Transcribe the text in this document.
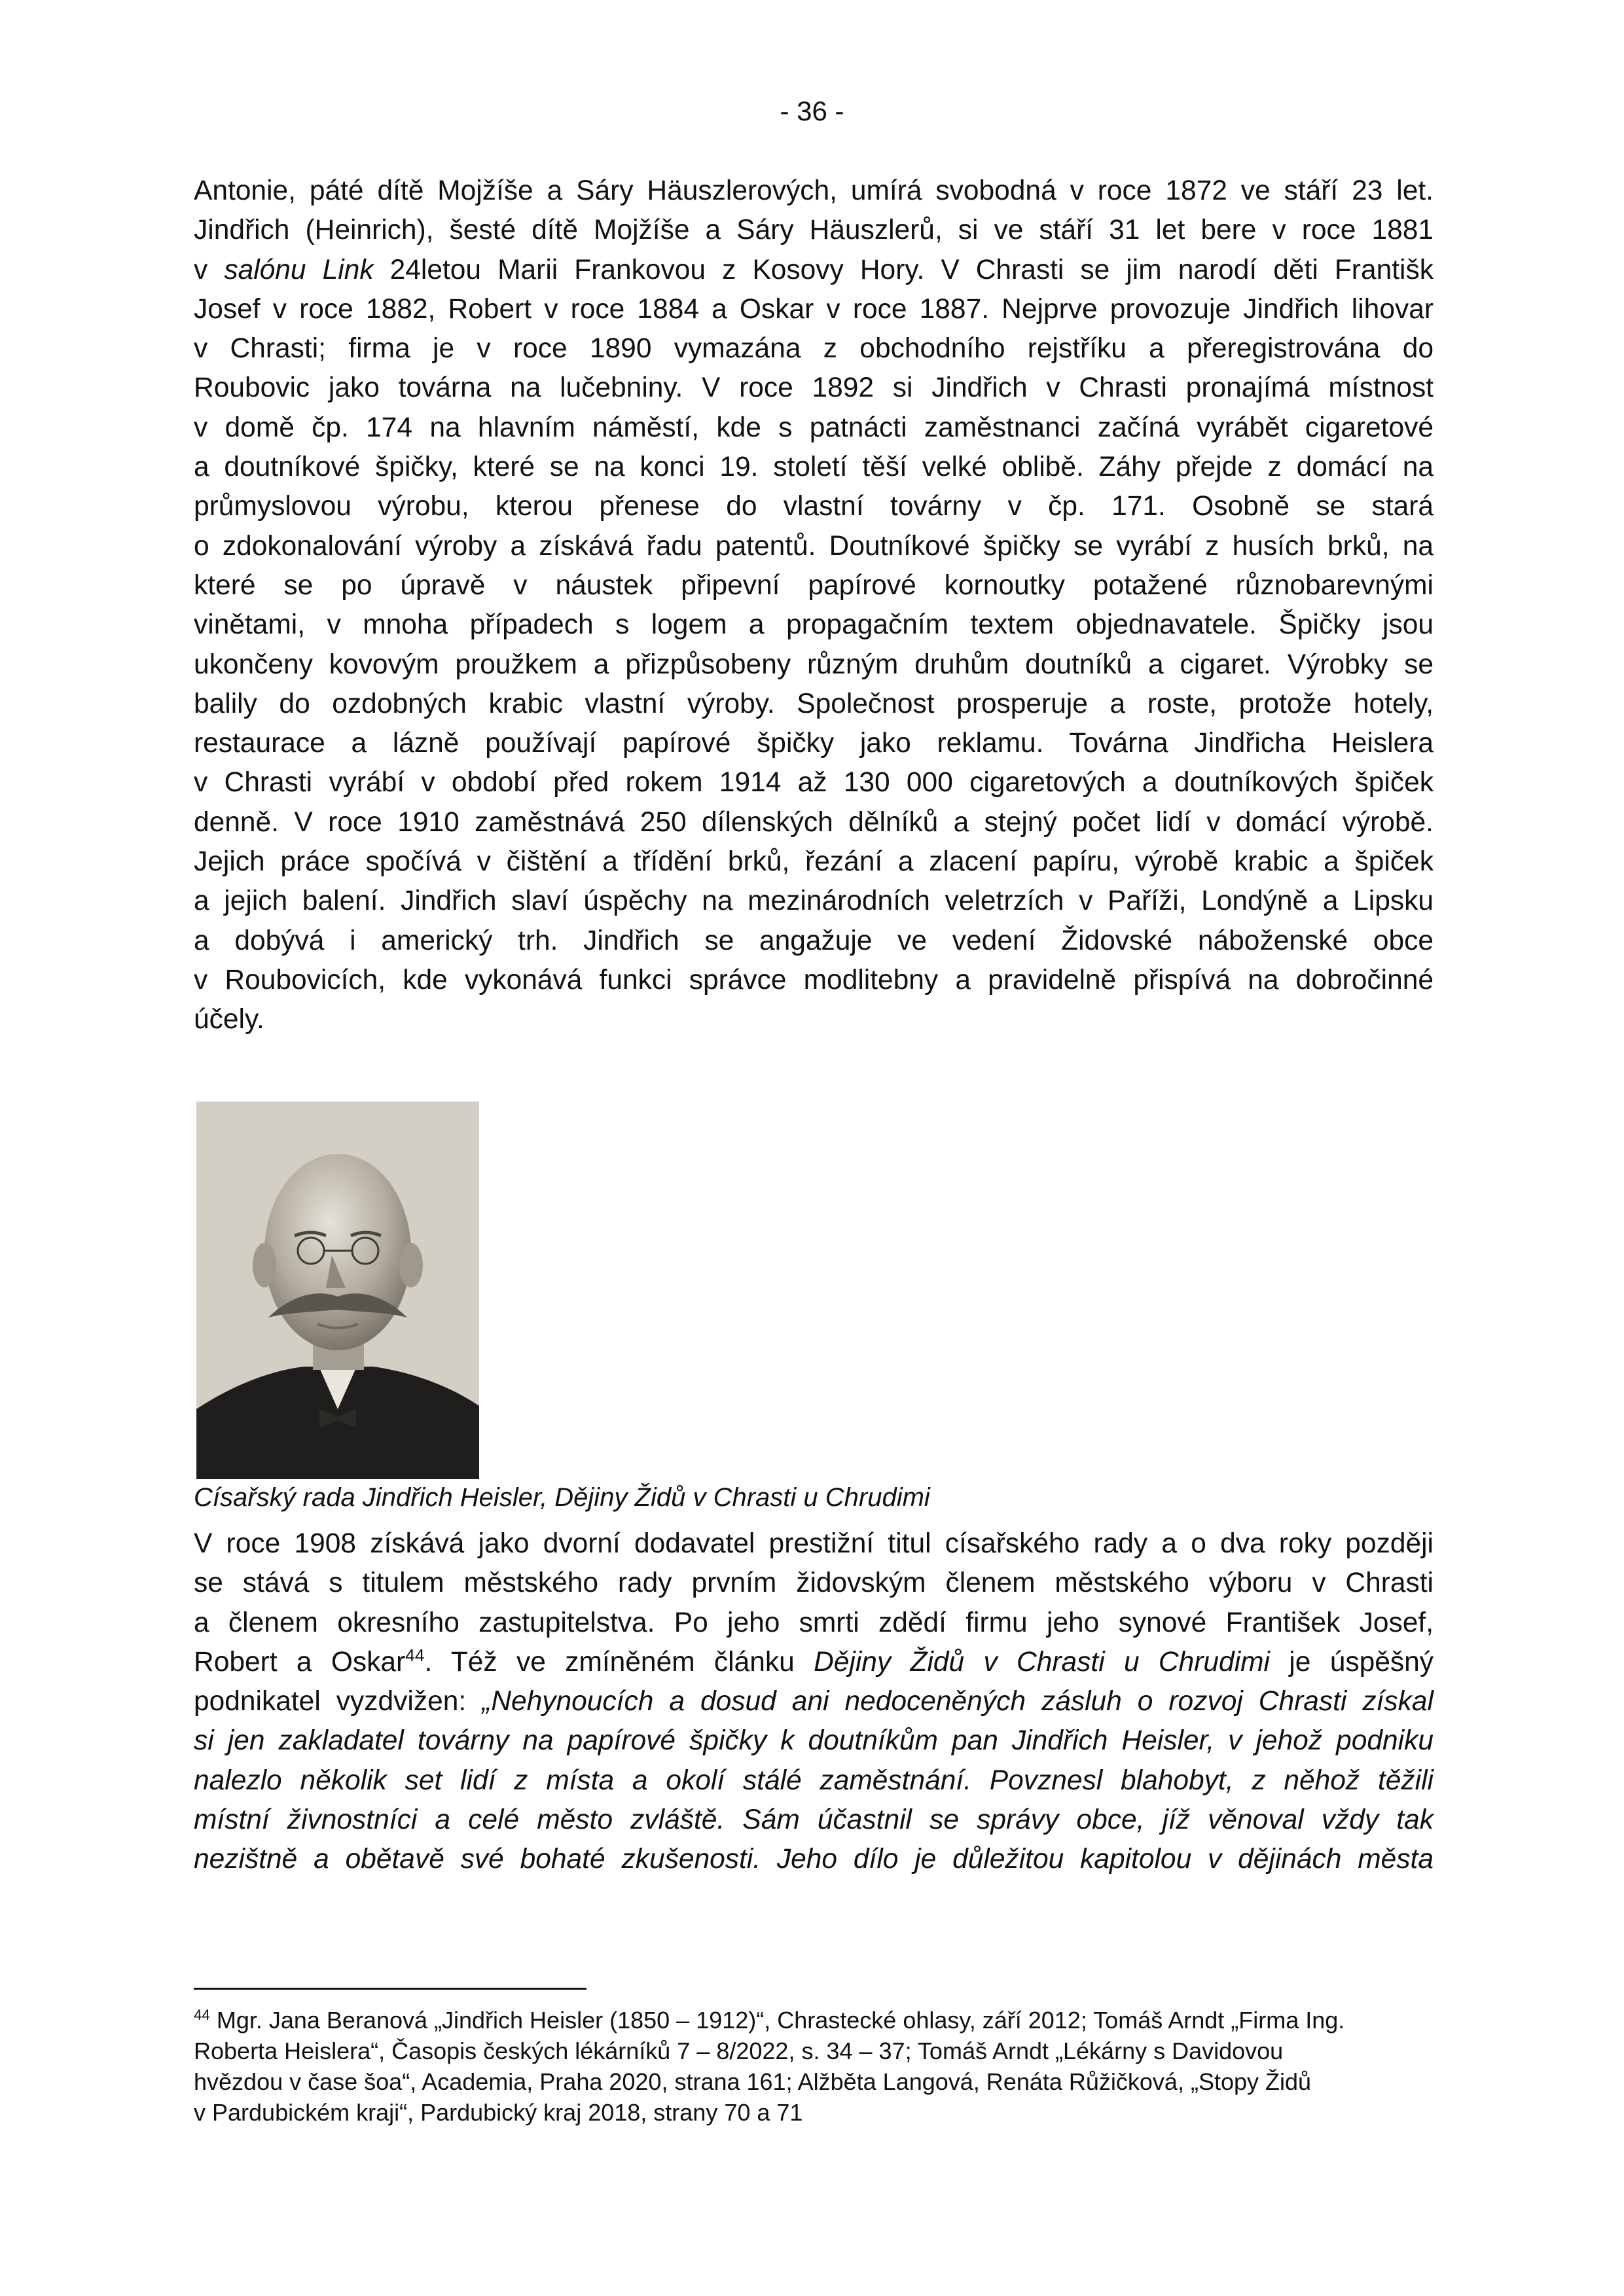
- 36 -
Antonie, páté dítě Mojžíše a Sáry Häuszlerových, umírá svobodná v roce 1872 ve stáří 23 let.
Jindřich (Heinrich), šesté dítě Mojžíše a Sáry Häuszlerů, si ve stáří 31 let bere v roce 1881
v salónu Link 24letou Marii Frankovou z Kosovy Hory. V Chrasti se jim narodí děti Františk
Josef v roce 1882, Robert v roce 1884 a Oskar v roce 1887. Nejprve provozuje Jindřich lihovar
v Chrasti; firma je v roce 1890 vymazána z obchodního rejstříku a přeregistrována do
Roubovic jako továrna na lučebniny. V roce 1892 si Jindřich v Chrasti pronajímá místnost
v domě čp. 174 na hlavním náměstí, kde s patnácti zaměstnanci začíná vyrábět cigaretové
a doutníkové špičky, které se na konci 19. století těší velké oblibě. Záhy přejde z domácí na
průmyslovou výrobu, kterou přenese do vlastní továrny v čp. 171. Osobně se stará
o zdokonalování výroby a získává řadu patentů. Doutníkové špičky se vyrábí z husích brků, na
které se po úpravě v náustek připevní papírové kornoutky potažené různobarevnými
vinětami, v mnoha případech s logem a propagačním textem objednavatele. Špičky jsou
ukončeny kovovým proužkem a přizpůsobeny různým druhům doutníků a cigaret. Výrobky se
balily do ozdobných krabic vlastní výroby. Společnost prosperuje a roste, protože hotely,
restaurace a lázně používají papírové špičky jako reklamu. Továrna Jindřicha Heislera
v Chrasti vyrábí v období před rokem 1914 až 130 000 cigaretových a doutníkových špiček
denně. V roce 1910 zaměstnává 250 dílenských dělníků a stejný počet lidí v domácí výrobě.
Jejich práce spočívá v čištění a třídění brků, řezání a zlacení papíru, výrobě krabic a špiček
a jejich balení. Jindřich slaví úspěchy na mezinárodních veletrzích v Paříži, Londýně a Lipsku
a dobývá i americký trh. Jindřich se angažuje ve vedení Židovské náboženské obce
v Roubovicích, kde vykonává funkci správce modlitebny a pravidelně přispívá na dobročinné
účely.
Císařský rada Jindřich Heisler, Dějiny Židů v Chrasti u Chrudimi
V roce 1908 získává jako dvorní dodavatel prestižní titul císařského rady a o dva roky později
se stává s titulem městského rady prvním židovským členem městského výboru v Chrasti
a členem okresního zastupitelstva. Po jeho smrti zdědí firmu jeho synové František Josef,
Robert a Oskar$^{44}$. Též ve zmíněném článku Dějiny Židů v Chrasti u Chrudimi je úspěšný
podnikatel vyzdvižen: „Nehynoucích a dosud ani nedoceněných zásluh o rozvoj Chrasti získal
si jen zakladatel továrny na papírové špičky k doutníkům pan Jindřich Heisler, v jehož podniku
nalezlo několik set lidí z místa a okolí stálé zaměstnání. Povznesl blahobyt, z něhož těžili
místní živnostníci a celé město zvláště. Sám účastnil se správy obce, jíž věnoval vždy tak
nezištně a obětavě své bohaté zkušenosti. Jeho dílo je důležitou kapitolou v dějinách města
$^{44}$ Mgr. Jana Beranová „Jindřich Heisler (1850 – 1912)“, Chrastecké ohlasy, září 2012; Tomáš Arndt „Firma Ing.
Roberta Heislera“, Časopis českých lékárníků 7 – 8/2022, s. 34 – 37; Tomáš Arndt „Lékárny s Davidovou
hvězdou v čase šoa“, Academia, Praha 2020, strana 161; Alžběta Langová, Renáta Růžičková, „Stopy Židů
v Pardubickém kraji“, Pardubický kraj 2018, strany 70 a 71
